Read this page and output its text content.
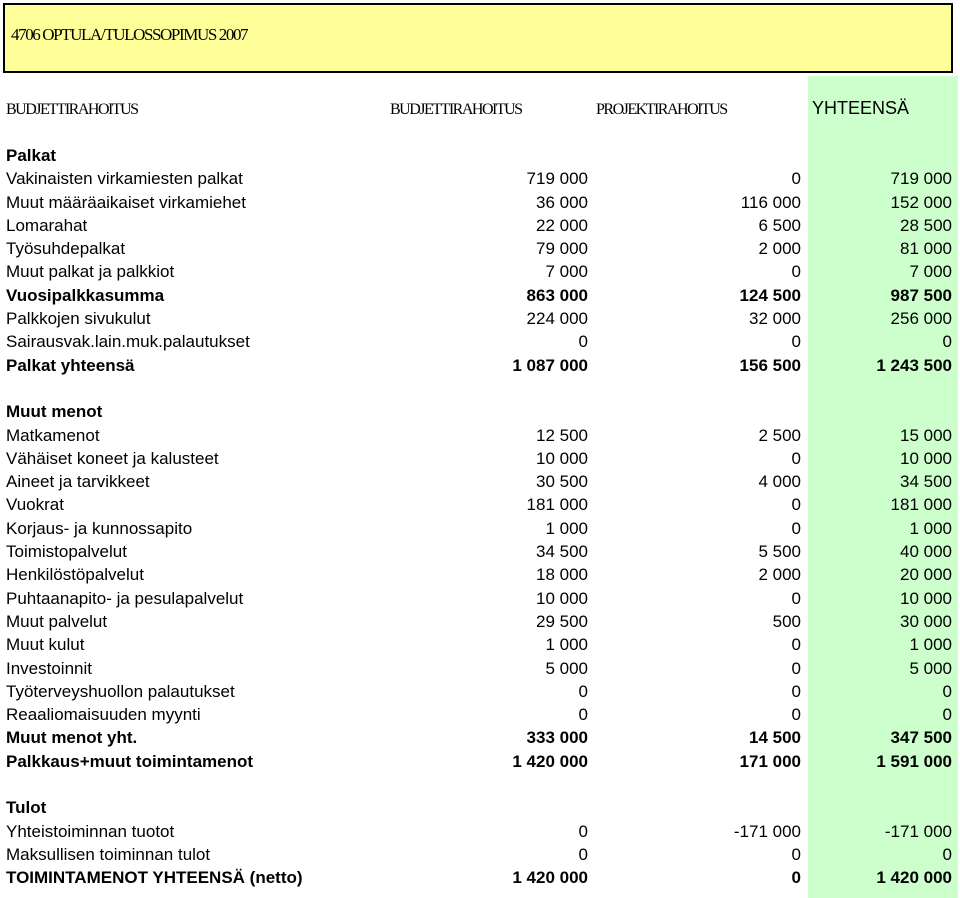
4706 OPTULA/TULOSSOPIMUS 2007
BUDJETTIRAHOITUS	BUDJETTIRAHOITUS	PROJEKTIRAHOITUS	YHTEENSÄ
Palkat
Vakinaisten virkamiesten palkat	719 000	0	719 000
Muut määräaikaiset virkamiehet	36 000	116 000	152 000
Lomarahat	22 000	6 500	28 500
Työsuhdepalkat	79 000	2 000	81 000
Muut palkat ja palkkiot	7 000	0	7 000
Vuosipalkkasumma	863 000	124 500	987 500
Palkkojen sivukulut	224 000	32 000	256 000
Sairausvak.lain.muk.palautukset	0	0	0
Palkat yhteensä	1 087 000	156 500	1 243 500
Muut menot
Matkamenot	12 500	2 500	15 000
Vähäiset koneet ja kalusteet	10 000	0	10 000
Aineet ja tarvikkeet	30 500	4 000	34 500
Vuokrat	181 000	0	181 000
Korjaus- ja kunnossapito	1 000	0	1 000
Toimistopalvelut	34 500	5 500	40 000
Henkilöstöpalvelut	18 000	2 000	20 000
Puhtaanapito- ja pesulapalvelut	10 000	0	10 000
Muut palvelut	29 500	500	30 000
Muut kulut	1 000	0	1 000
Investoinnit	5 000	0	5 000
Työterveyshuollon palautukset	0	0	0
Reaaliomaisuuden myynti	0	0	0
Muut menot yht.	333 000	14 500	347 500
Palkkaus+muut toimintamenot	1 420 000	171 000	1 591 000
Tulot
Yhteistoiminnan tuotot	0	-171 000	-171 000
Maksullisen toiminnan tulot	0	0	0
TOIMINTAMENOT YHTEENSÄ (netto)	1 420 000	0	1 420 000
